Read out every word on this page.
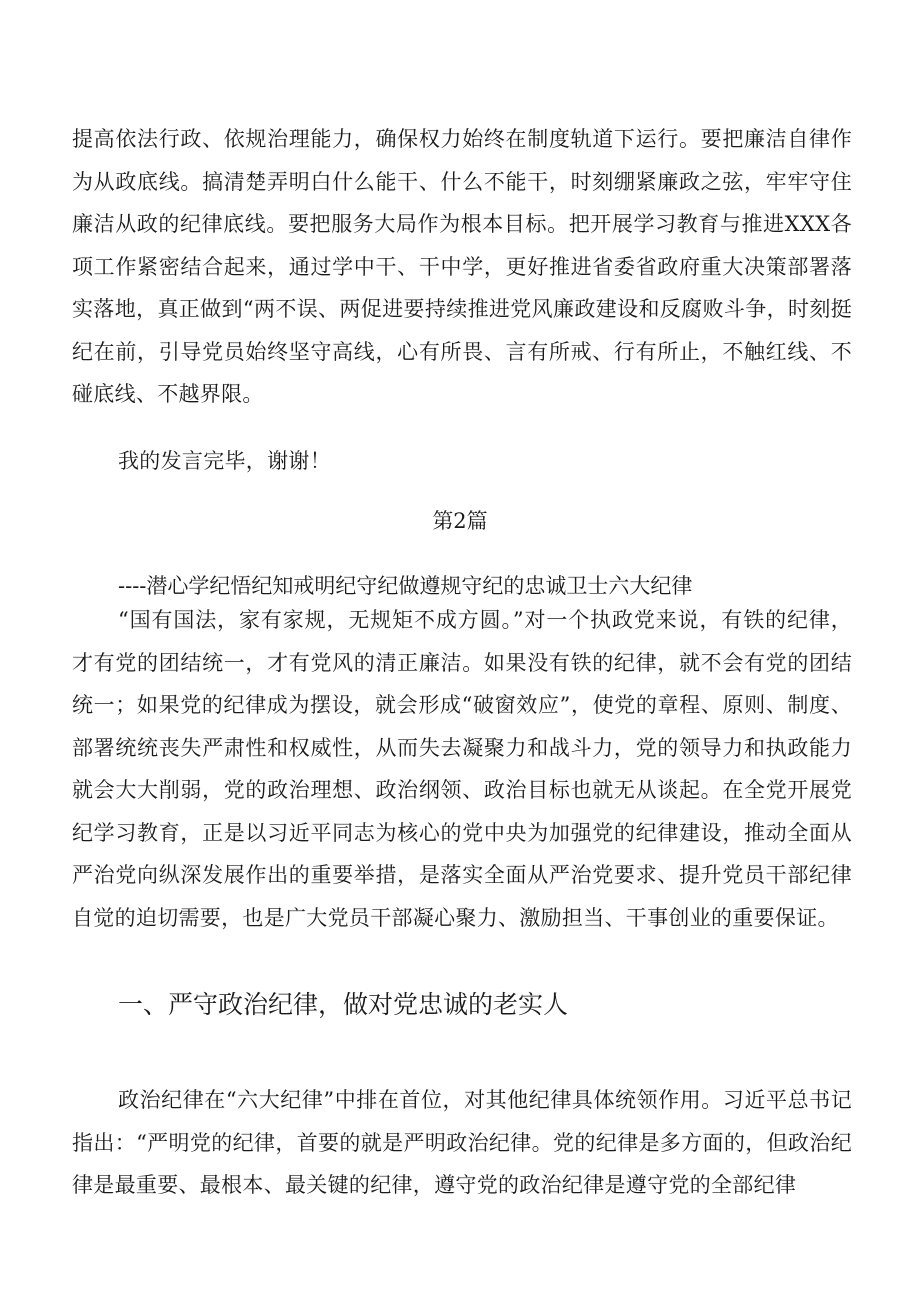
提高依法行政、依规治理能力，确保权力始终在制度轨道下运行。要把廉洁自律作为从政底线。搞清楚弄明白什么能干、什么不能干，时刻绷紧廉政之弦，牢牢守住廉洁从政的纪律底线。要把服务大局作为根本目标。把开展学习教育与推进XXX各项工作紧密结合起来，通过学中干、干中学，更好推进省委省政府重大决策部署落实落地，真正做到“两不误、两促进要持续推进党风廉政建设和反腐败斗争，时刻挺纪在前，引导党员始终坚守高线，心有所畏、言有所戒、行有所止，不触红线、不碰底线、不越界限。

我的发言完毕，谢谢！

第2篇

----潜心学纪悟纪知戒明纪守纪做遵规守纪的忠诚卫士六大纪律

“国有国法，家有家规，无规矩不成方圆。”对一个执政党来说，有铁的纪律，才有党的团结统一，才有党风的清正廉洁。如果没有铁的纪律，就不会有党的团结统一；如果党的纪律成为摆设，就会形成“破窗效应”，使党的章程、原则、制度、部署统统丧失严肃性和权威性，从而失去凝聚力和战斗力，党的领导力和执政能力就会大大削弱，党的政治理想、政治纲领、政治目标也就无从谈起。在全党开展党纪学习教育，正是以习近平同志为核心的党中央为加强党的纪律建设，推动全面从严治党向纵深发展作出的重要举措，是落实全面从严治党要求、提升党员干部纪律自觉的迫切需要，也是广大党员干部凝心聚力、激励担当、干事创业的重要保证。

一、严守政治纪律，做对党忠诚的老实人

政治纪律在“六大纪律”中排在首位，对其他纪律具体统领作用。习近平总书记指出：“严明党的纪律，首要的就是严明政治纪律。党的纪律是多方面的，但政治纪律是最重要、最根本、最关键的纪律，遵守党的政治纪律是遵守党的全部纪律
